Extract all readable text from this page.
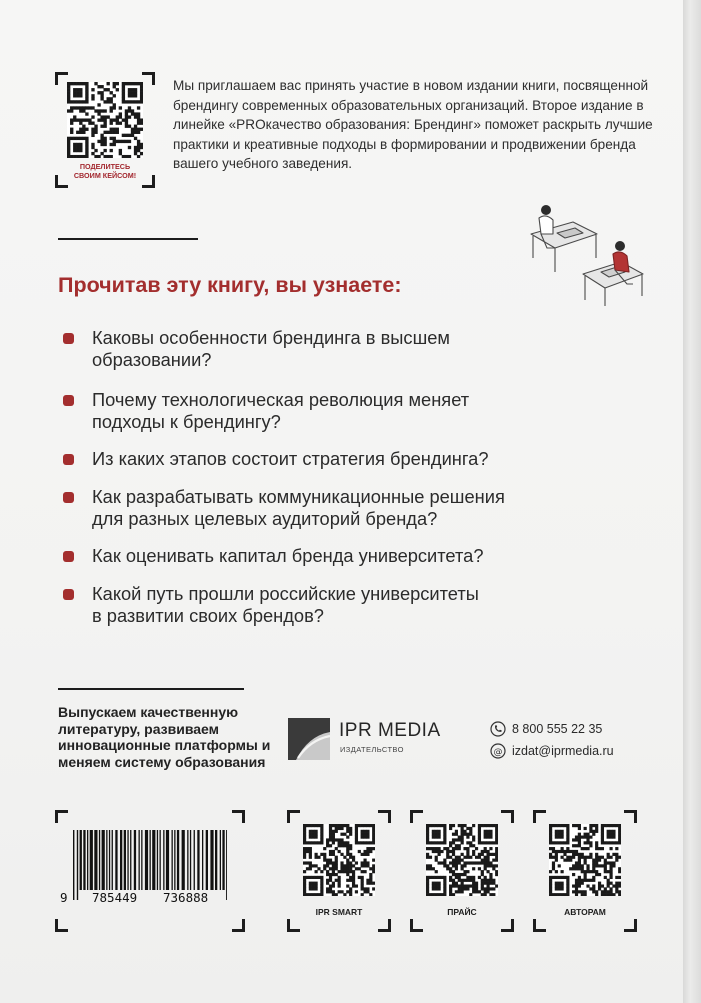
ПОДЕЛИТЕСЬ
СВОИМ КЕЙСОМ!
Мы приглашаем вас принять участие в новом издании книги, посвященной брендингу современных образовательных организаций. Второе издание в линейке «PROкачество образования: Брендинг» поможет раскрыть лучшие практики и креативные подходы в формировании и продвижении бренда вашего учебного заведения.
Прочитав эту книгу, вы узнаете:
Каковы особенности брендинга в высшем
образовании?
Почему технологическая революция меняет
подходы к брендингу?
Из каких этапов состоит стратегия брендинга?
Как разрабатывать коммуникационные решения
для разных целевых аудиторий бренда?
Как оценивать капитал бренда университета?
Какой путь прошли российские университеты
в развитии своих брендов?
Выпускаем качественную литературу, развиваем инновационные платформы и меняем систему образования
IPR MEDIA
ИЗДАТЕЛЬСТВО
8 800 555 22 35
@ izdat@iprmedia.ru
9 785449 736888
IPR SMART	ПРАЙС	АВТОРАМ
